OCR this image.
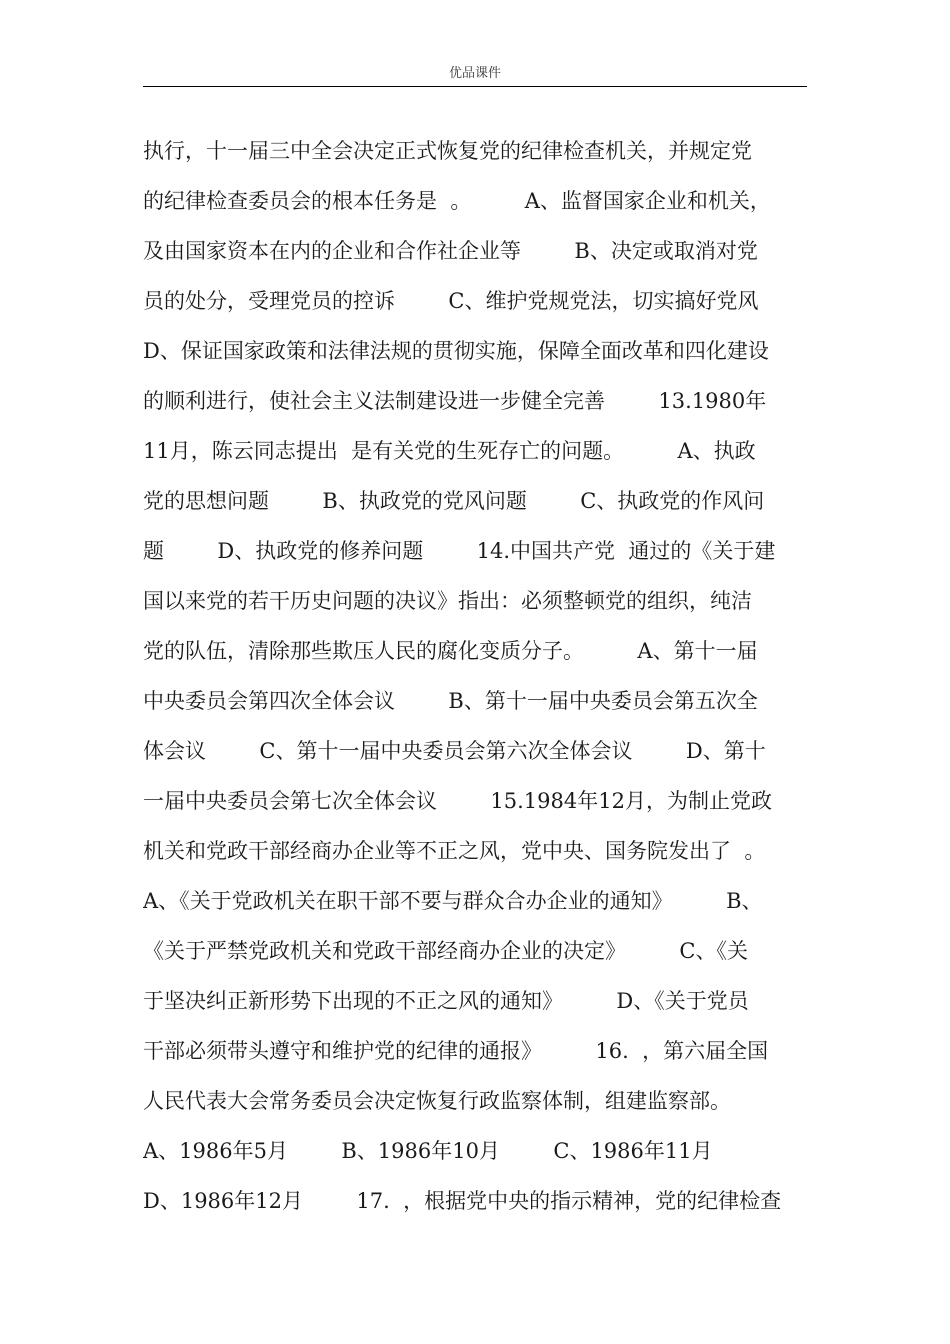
优品课件
执行，十一届三中全会决定正式恢复党的纪律检查机关，并规定党
的纪律检查委员会的根本任务是  。        A、监督国家企业和机关，
及由国家资本在内的企业和合作社企业等        B、决定或取消对党
员的处分，受理党员的控诉        C、维护党规党法，切实搞好党风
D、保证国家政策和法律法规的贯彻实施，保障全面改革和四化建设
的顺利进行，使社会主义法制建设进一步健全完善        13.1980年
11月，陈云同志提出  是有关党的生死存亡的问题。        A、执政
党的思想问题        B、执政党的党风问题        C、执政党的作风问
题        D、执政党的修养问题        14.中国共产党  通过的《关于建
国以来党的若干历史问题的决议》指出：必须整顿党的组织，纯洁
党的队伍，清除那些欺压人民的腐化变质分子。        A、第十一届
中央委员会第四次全体会议        B、第十一届中央委员会第五次全
体会议        C、第十一届中央委员会第六次全体会议        D、第十
一届中央委员会第七次全体会议        15.1984年12月，为制止党政
机关和党政干部经商办企业等不正之风，党中央、国务院发出了  。
A、《关于党政机关在职干部不要与群众合办企业的通知》        B、
《关于严禁党政机关和党政干部经商办企业的决定》        C、《关
于坚决纠正新形势下出现的不正之风的通知》        D、《关于党员
干部必须带头遵守和维护党的纪律的通报》        16.  ，第六届全国
人民代表大会常务委员会决定恢复行政监察体制，组建监察部。
A、1986年5月        B、1986年10月        C、1986年11月
D、1986年12月        17.  ，根据党中央的指示精神，党的纪律检查
